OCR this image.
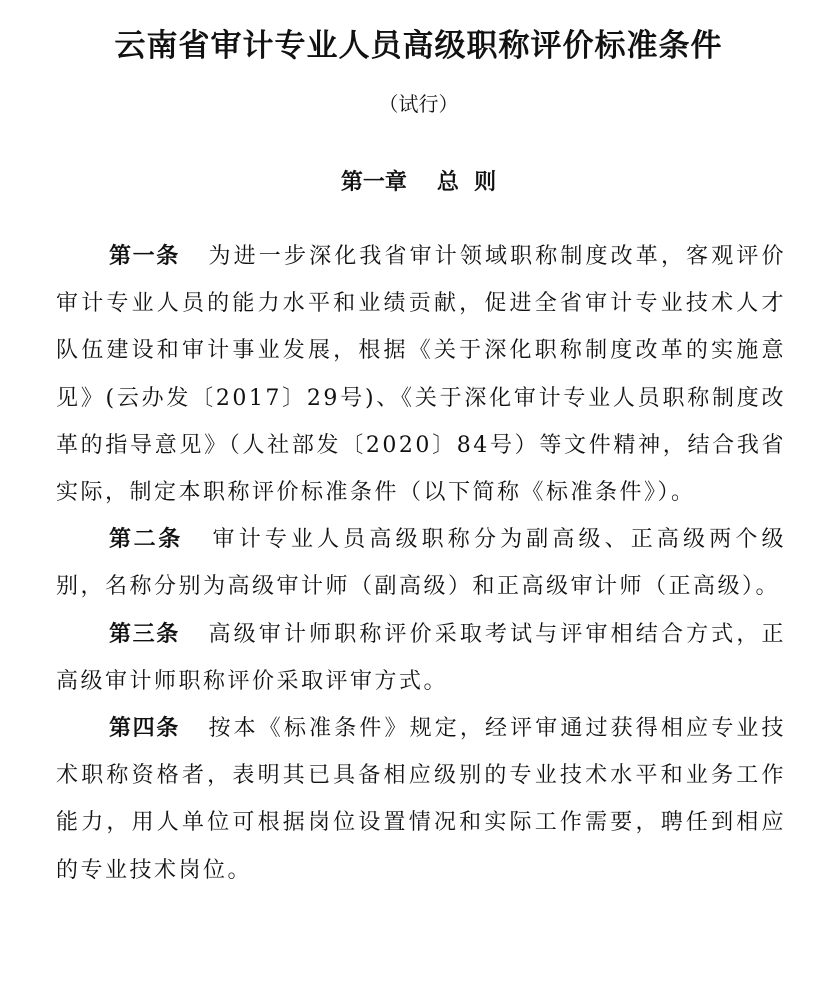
云南省审计专业人员高级职称评价标准条件
（试行）
第一章 总  则

第一条 为进一步深化我省审计领域职称制度改革，客观评价审计专业人员的能力水平和业绩贡献，促进全省审计专业技术人才队伍建设和审计事业发展，根据《关于深化职称制度改革的实施意见》(云办发〔2017〕29号)、《关于深化审计专业人员职称制度改革的指导意见》（人社部发〔2020〕84号）等文件精神，结合我省实际，制定本职称评价标准条件（以下简称《标准条件》）。

第二条 审计专业人员高级职称分为副高级、正高级两个级别，名称分别为高级审计师（副高级）和正高级审计师（正高级）。

第三条 高级审计师职称评价采取考试与评审相结合方式，正高级审计师职称评价采取评审方式。

第四条 按本《标准条件》规定，经评审通过获得相应专业技术职称资格者，表明其已具备相应级别的专业技术水平和业务工作能力，用人单位可根据岗位设置情况和实际工作需要，聘任到相应的专业技术岗位。
